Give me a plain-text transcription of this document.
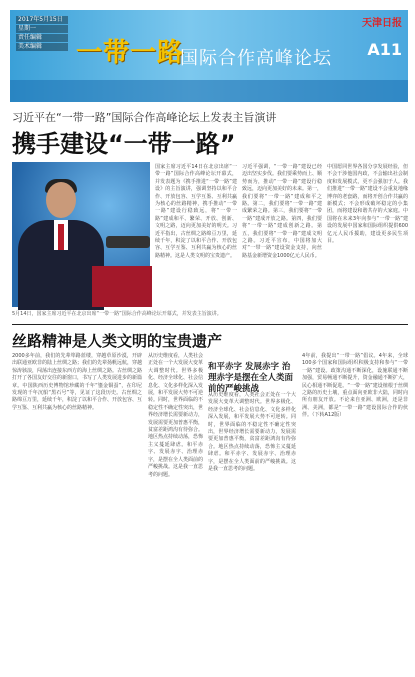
2017年5月15日
星期一
责任编辑
美术编辑	一带一路
国际合作高峰论坛
天津日报
A11
习近平在“一带一路”国际合作高峰论坛上发表主旨演讲
携手建设“一带一路”
5月14日，国家主席习近平在北京出席“一带一路”国际合作高峰论坛开幕式，并发表主旨演讲。
国家主席习近平14日在北京出席“一带一路”国际合作高峰论坛开幕式，并发表题为《携手推进“一带一路”建设》的主旨演讲，强调坚持以和平合作、开放包容、互学互鉴、互利共赢为核心的丝路精神，携手推动“一带一路”建设行稳致远，将“一带一路”建成和平、繁荣、开放、创新、文明之路，迈向更加美好的明天。习近平指出，古丝绸之路绵亘万里，延续千年，积淀了以和平合作、开放包容、互学互鉴、互利共赢为核心的丝路精神。这是人类文明的宝贵遗产。
习近平强调，“一带一路”建设已经迈出坚实步伐。我们要乘势而上、顺势而为，推动“一带一路”建设行稳致远，迈向更加美好的未来。第一，我们要将“一带一路”建成和平之路。第二，我们要将“一带一路”建成繁荣之路。第三，我们要将“一带一路”建成开放之路。第四，我们要将“一带一路”建成创新之路。第五，我们要将“一带一路”建成文明之路。习近平宣布，中国将加大对“一带一路”建设资金支持，向丝路基金新增资金1000亿元人民币。
中国愿同世界各国分享发展经验，但不会干涉他国内政，不会输出社会制度和发展模式，更不会强加于人。我们推进“一带一路”建设不会重复地缘博弈的老套路，而将开创合作共赢的新模式；不会形成破坏稳定的小集团，而将建设和谐共存的大家庭。中国将在未来3年向参与“一带一路”建设的发展中国家和国际组织提供600亿元人民币援助，建设更多民生项目。
丝路精神是人类文明的宝贵遗产
2000多年前，我们的先辈筚路蓝缕，穿越草原沙漠，开辟出联通亚欧非的陆上丝绸之路；我们的先辈扬帆远航，穿越惊涛骇浪，闯荡出连接东西方的海上丝绸之路。古丝绸之路打开了各国友好交往的新窗口，书写了人类发展进步的新篇章。中国陕西历史博物馆珍藏的千年“鎏金铜蚕”，在印尼发现的千年沉船“黑石号”等，见证了这段历史。古丝绸之路绵亘万里，延续千年，积淀了以和平合作、开放包容、互学互鉴、互利共赢为核心的丝路精神。
和平赤字 发展赤字 治理赤字是摆在全人类面前的严峻挑战
从历史维度看，人类社会正处在一个大发展大变革大调整时代。世界多极化、经济全球化、社会信息化、文化多样化深入发展，和平发展大势不可逆转。同时，世界面临的不稳定性不确定性突出，世界经济增长需要新动力，发展需要更加普惠平衡，贫富差距鸿沟有待弥合。地区热点持续动荡，恐怖主义蔓延肆虐。和平赤字、发展赤字、治理赤字，是摆在全人类面前的严峻挑战。这是我一直思考的问题。
从历史维度看，人类社会正处在一个大发展大变革大调整时代。世界多极化、经济全球化、社会信息化、文化多样化深入发展，和平发展大势不可逆转。同时，世界面临的不稳定性不确定性突出，世界经济增长需要新动力，发展需要更加普惠平衡，贫富差距鸿沟有待弥合。地区热点持续动荡，恐怖主义蔓延肆虐。和平赤字、发展赤字、治理赤字，是摆在全人类面前的严峻挑战。这是我一直思考的问题。
4年前，我提出“一带一路”倡议。4年来，全球100多个国家和国际组织积极支持和参与“一带一路”建设。政策沟通不断深化，设施联通不断加强，贸易畅通不断提升，资金融通不断扩大，民心相通不断促进。“一带一路”建设植根于丝绸之路的历史土壤，重点面向亚欧非大陆，同时向所有朋友开放。不论来自亚洲、欧洲，还是非洲、美洲，都是“一带一路”建设国际合作的伙伴。（下转A12版）
